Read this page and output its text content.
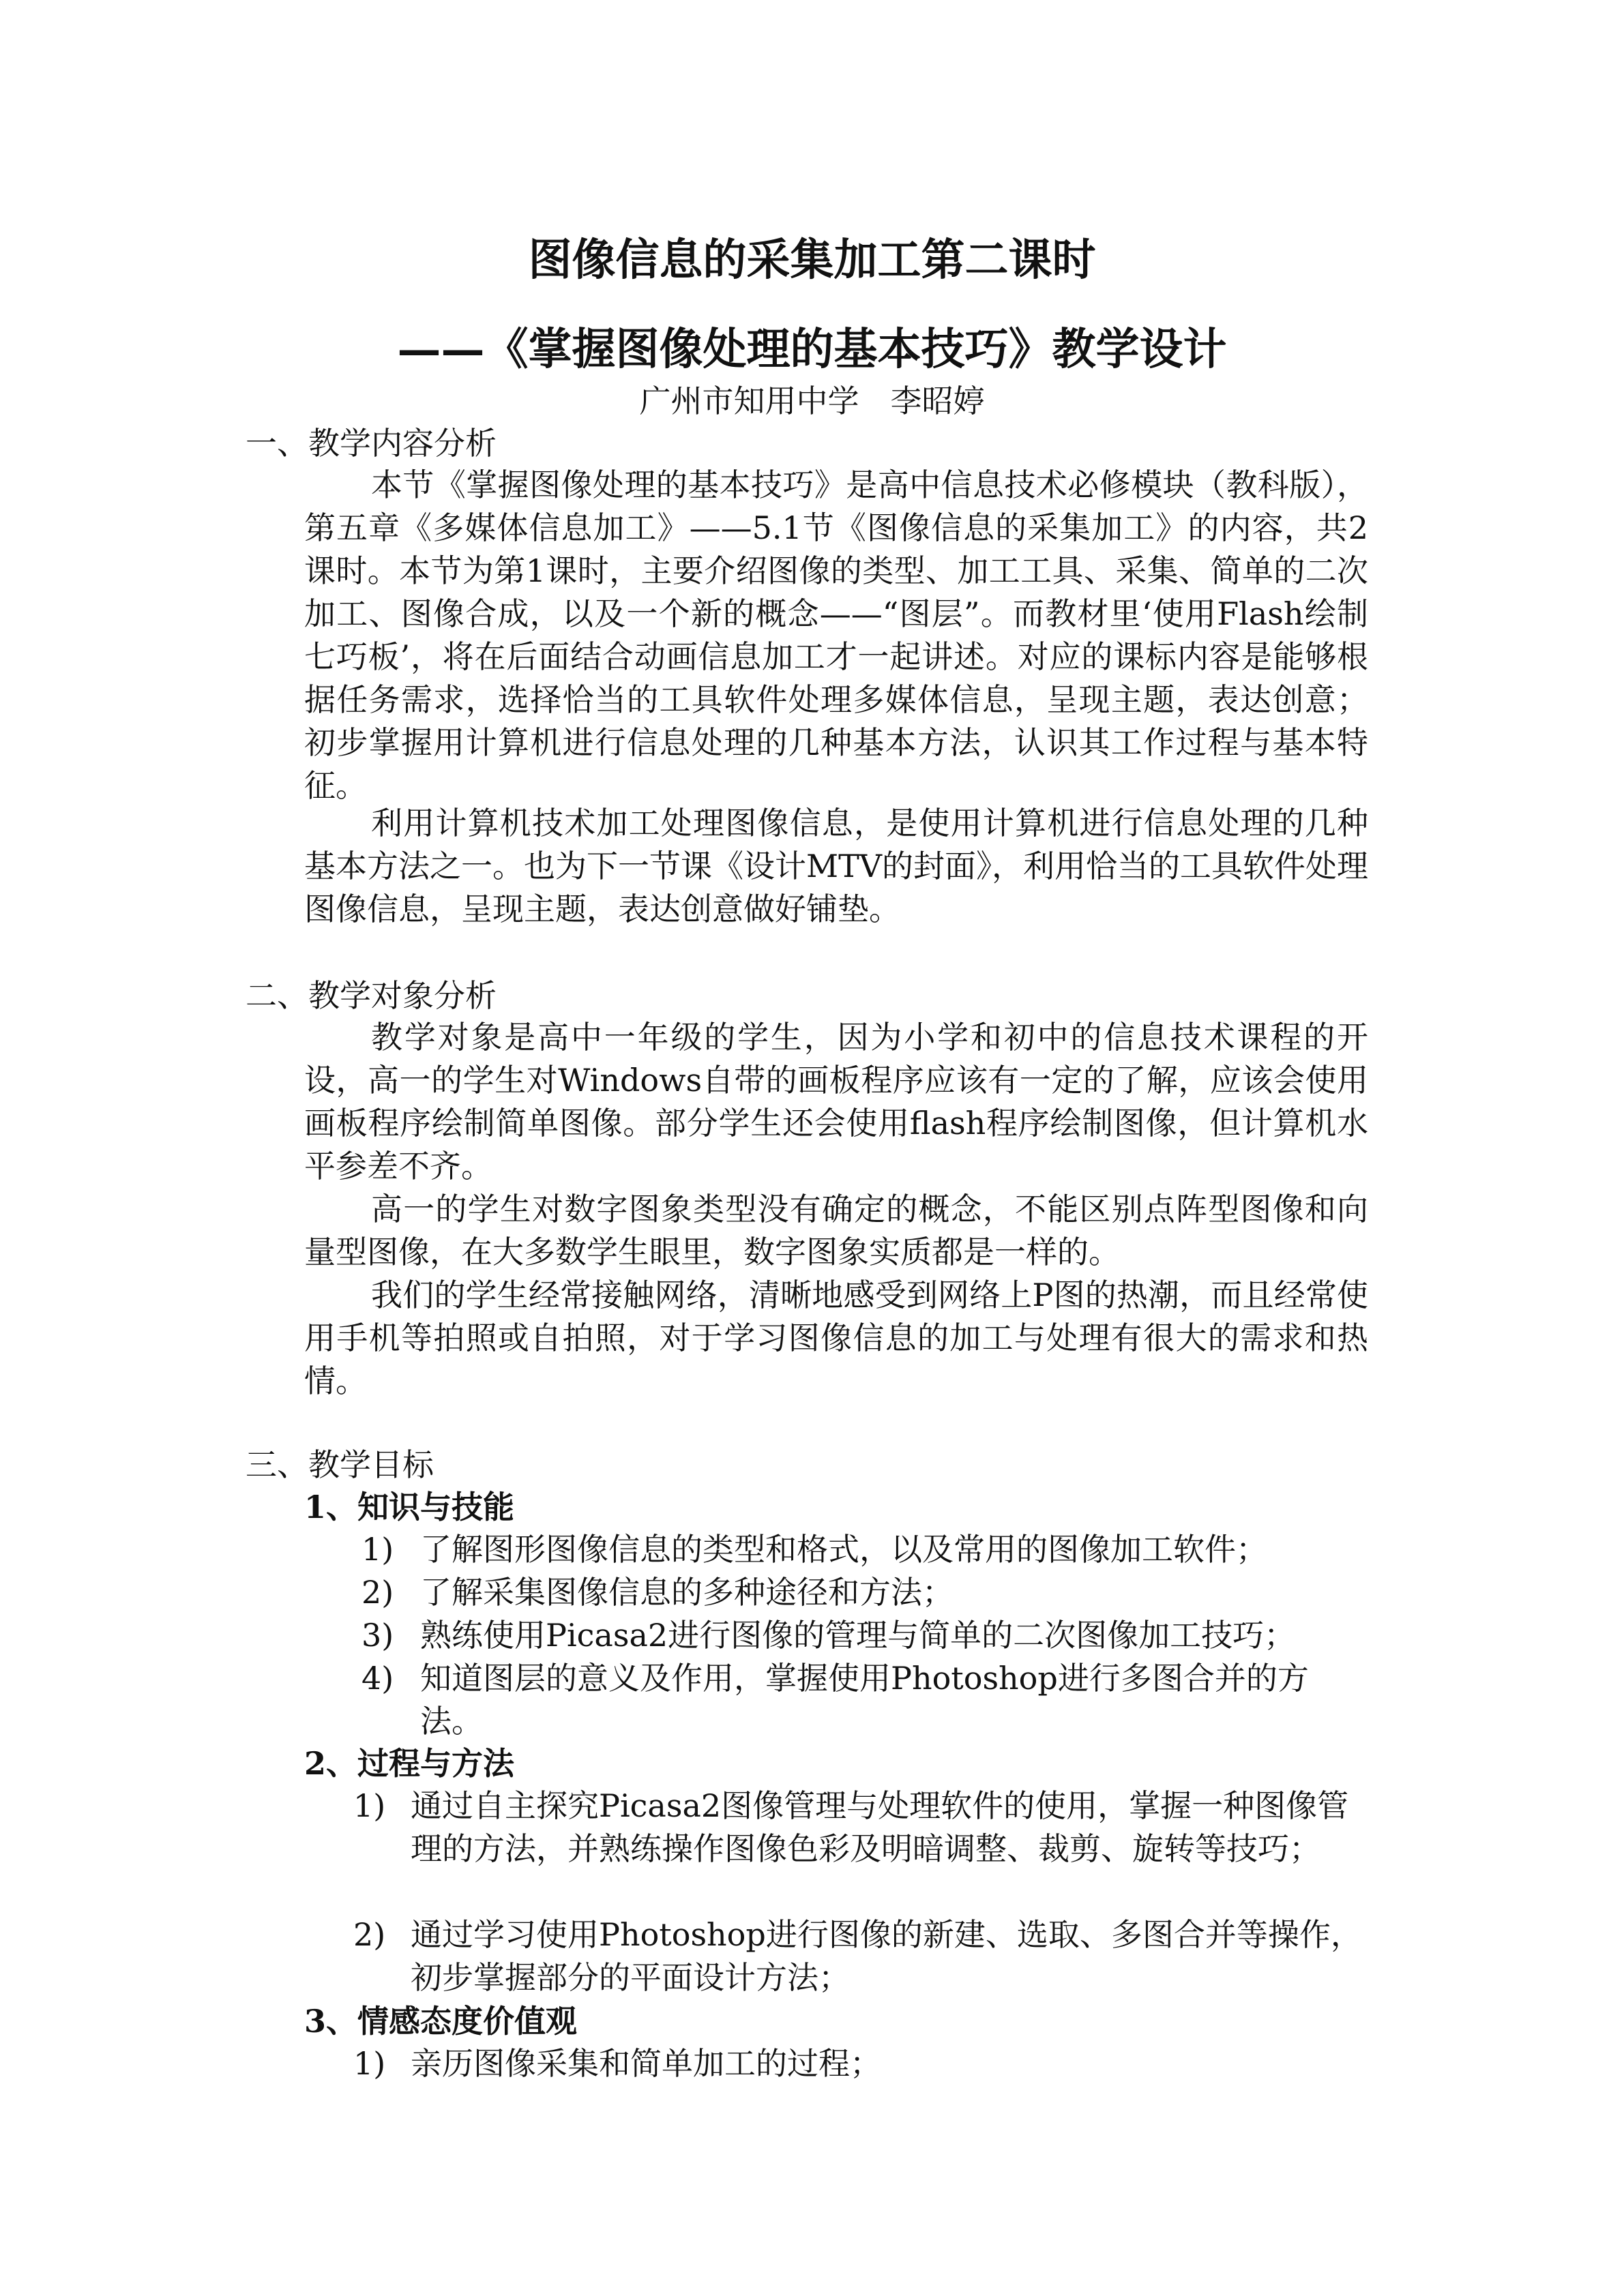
图像信息的采集加工第二课时
——《掌握图像处理的基本技巧》教学设计
广州市知用中学　李昭婷
一、教学内容分析
本节《掌握图像处理的基本技巧》是高中信息技术必修模块（教科版），第五章《多媒体信息加工》——5.1节《图像信息的采集加工》的内容，共2课时。本节为第1课时，主要介绍图像的类型、加工工具、采集、简单的二次加工、图像合成，以及一个新的概念——“图层”。而教材里‘使用Flash绘制七巧板’，将在后面结合动画信息加工才一起讲述。对应的课标内容是能够根据任务需求，选择恰当的工具软件处理多媒体信息，呈现主题，表达创意；初步掌握用计算机进行信息处理的几种基本方法，认识其工作过程与基本特征。
利用计算机技术加工处理图像信息，是使用计算机进行信息处理的几种基本方法之一。也为下一节课《设计MTV的封面》，利用恰当的工具软件处理图像信息，呈现主题，表达创意做好铺垫。
二、教学对象分析
教学对象是高中一年级的学生，因为小学和初中的信息技术课程的开设，高一的学生对Windows自带的画板程序应该有一定的了解，应该会使用画板程序绘制简单图像。部分学生还会使用flash程序绘制图像，但计算机水平参差不齐。
高一的学生对数字图象类型没有确定的概念，不能区别点阵型图像和向量型图像，在大多数学生眼里，数字图象实质都是一样的。
我们的学生经常接触网络，清晰地感受到网络上P图的热潮，而且经常使用手机等拍照或自拍照，对于学习图像信息的加工与处理有很大的需求和热情。
三、教学目标
1、知识与技能
1) 了解图形图像信息的类型和格式，以及常用的图像加工软件；
2) 了解采集图像信息的多种途径和方法；
3) 熟练使用Picasa2进行图像的管理与简单的二次图像加工技巧；
4) 知道图层的意义及作用，掌握使用Photoshop进行多图合并的方法。
2、过程与方法
1) 通过自主探究Picasa2图像管理与处理软件的使用，掌握一种图像管理的方法，并熟练操作图像色彩及明暗调整、裁剪、旋转等技巧；
2) 通过学习使用Photoshop进行图像的新建、选取、多图合并等操作，初步掌握部分的平面设计方法；
3、情感态度价值观
1) 亲历图像采集和简单加工的过程；
